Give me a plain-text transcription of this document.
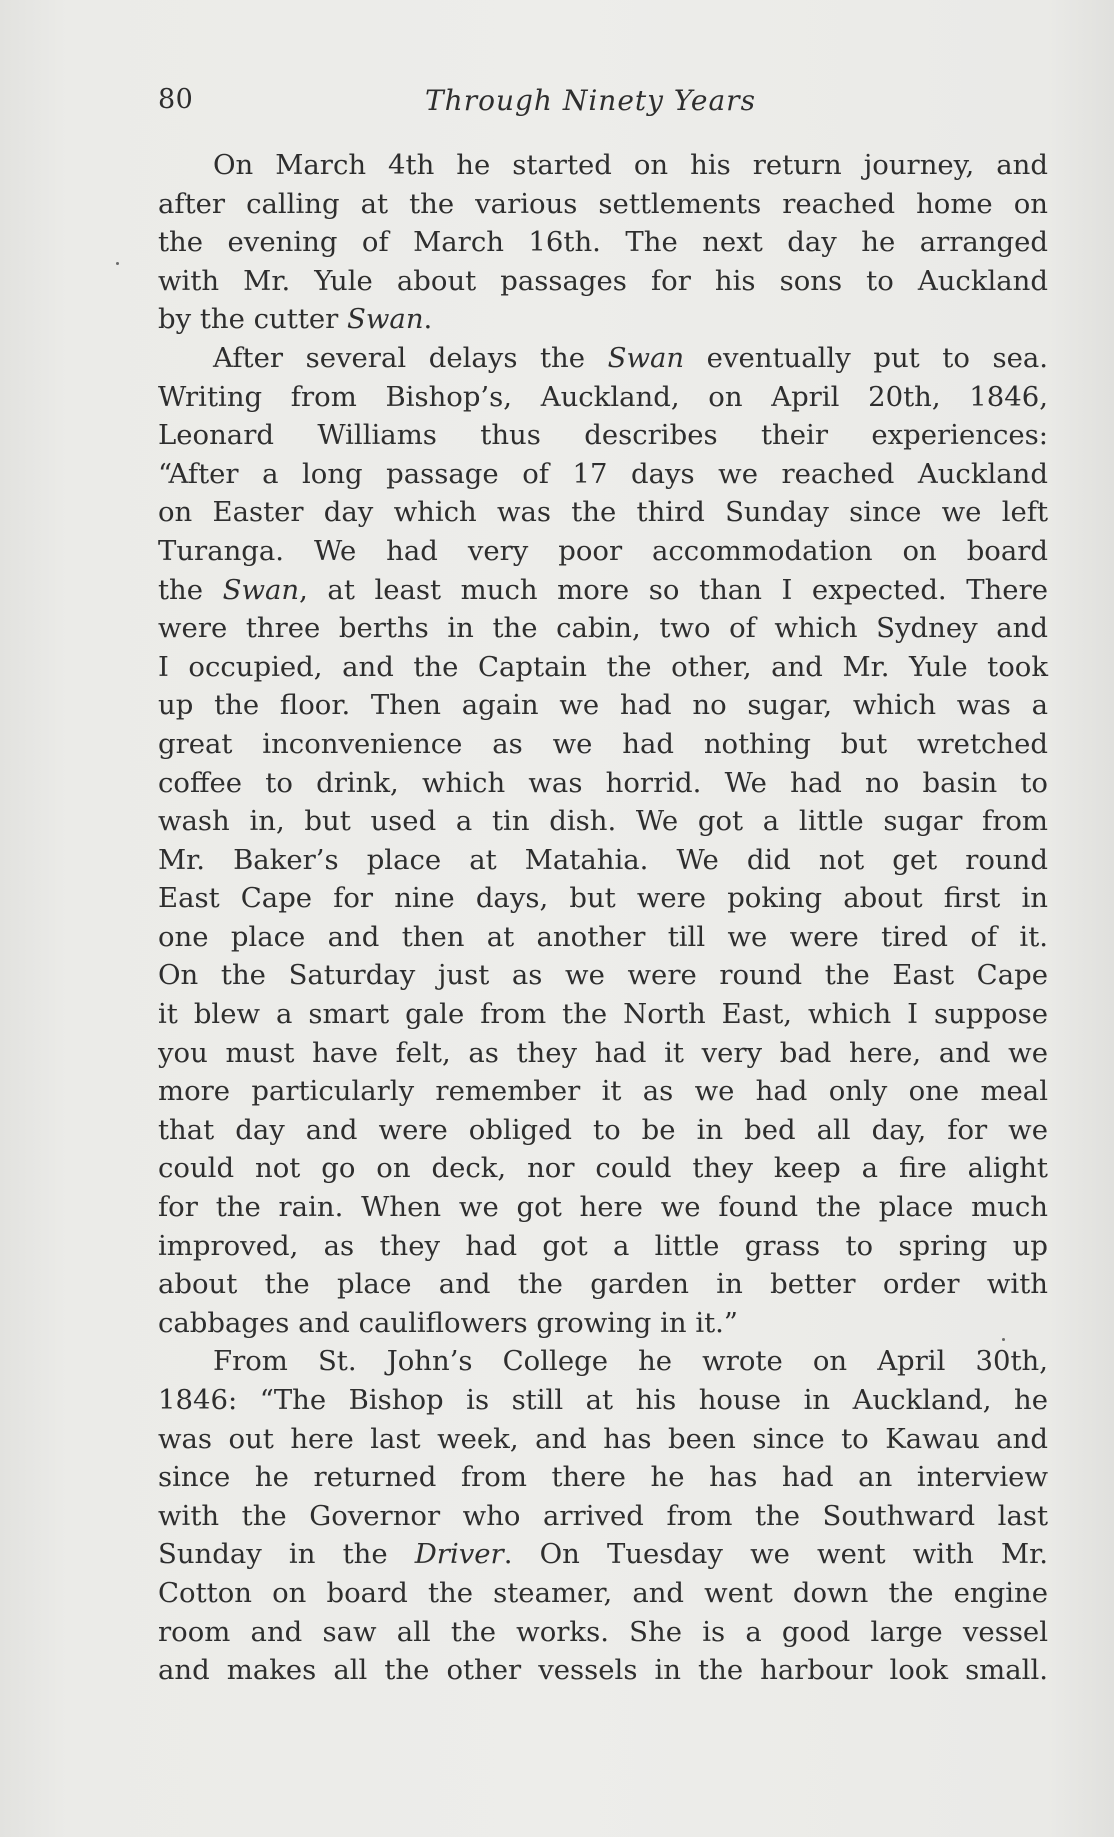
80	Through Ninety Years
On March 4th he started on his return journey, and
after calling at the various settlements reached home on
the evening of March 16th. The next day he arranged
with Mr. Yule about passages for his sons to Auckland
by the cutter Swan.
After several delays the Swan eventually put to sea.
Writing from Bishop’s, Auckland, on April 20th, 1846,
Leonard Williams thus describes their experiences:
“After a long passage of 17 days we reached Auckland
on Easter day which was the third Sunday since we left
Turanga. We had very poor accommodation on board
the Swan, at least much more so than I expected. There
were three berths in the cabin, two of which Sydney and
I occupied, and the Captain the other, and Mr. Yule took
up the floor. Then again we had no sugar, which was a
great inconvenience as we had nothing but wretched
coffee to drink, which was horrid. We had no basin to
wash in, but used a tin dish. We got a little sugar from
Mr. Baker’s place at Matahia. We did not get round
East Cape for nine days, but were poking about first in
one place and then at another till we were tired of it.
On the Saturday just as we were round the East Cape
it blew a smart gale from the North East, which I suppose
you must have felt, as they had it very bad here, and we
more particularly remember it as we had only one meal
that day and were obliged to be in bed all day, for we
could not go on deck, nor could they keep a fire alight
for the rain. When we got here we found the place much
improved, as they had got a little grass to spring up
about the place and the garden in better order with
cabbages and cauliflowers growing in it.”
From St. John’s College he wrote on April 30th,
1846: “The Bishop is still at his house in Auckland, he
was out here last week, and has been since to Kawau and
since he returned from there he has had an interview
with the Governor who arrived from the Southward last
Sunday in the Driver. On Tuesday we went with Mr.
Cotton on board the steamer, and went down the engine
room and saw all the works. She is a good large vessel
and makes all the other vessels in the harbour look small.
